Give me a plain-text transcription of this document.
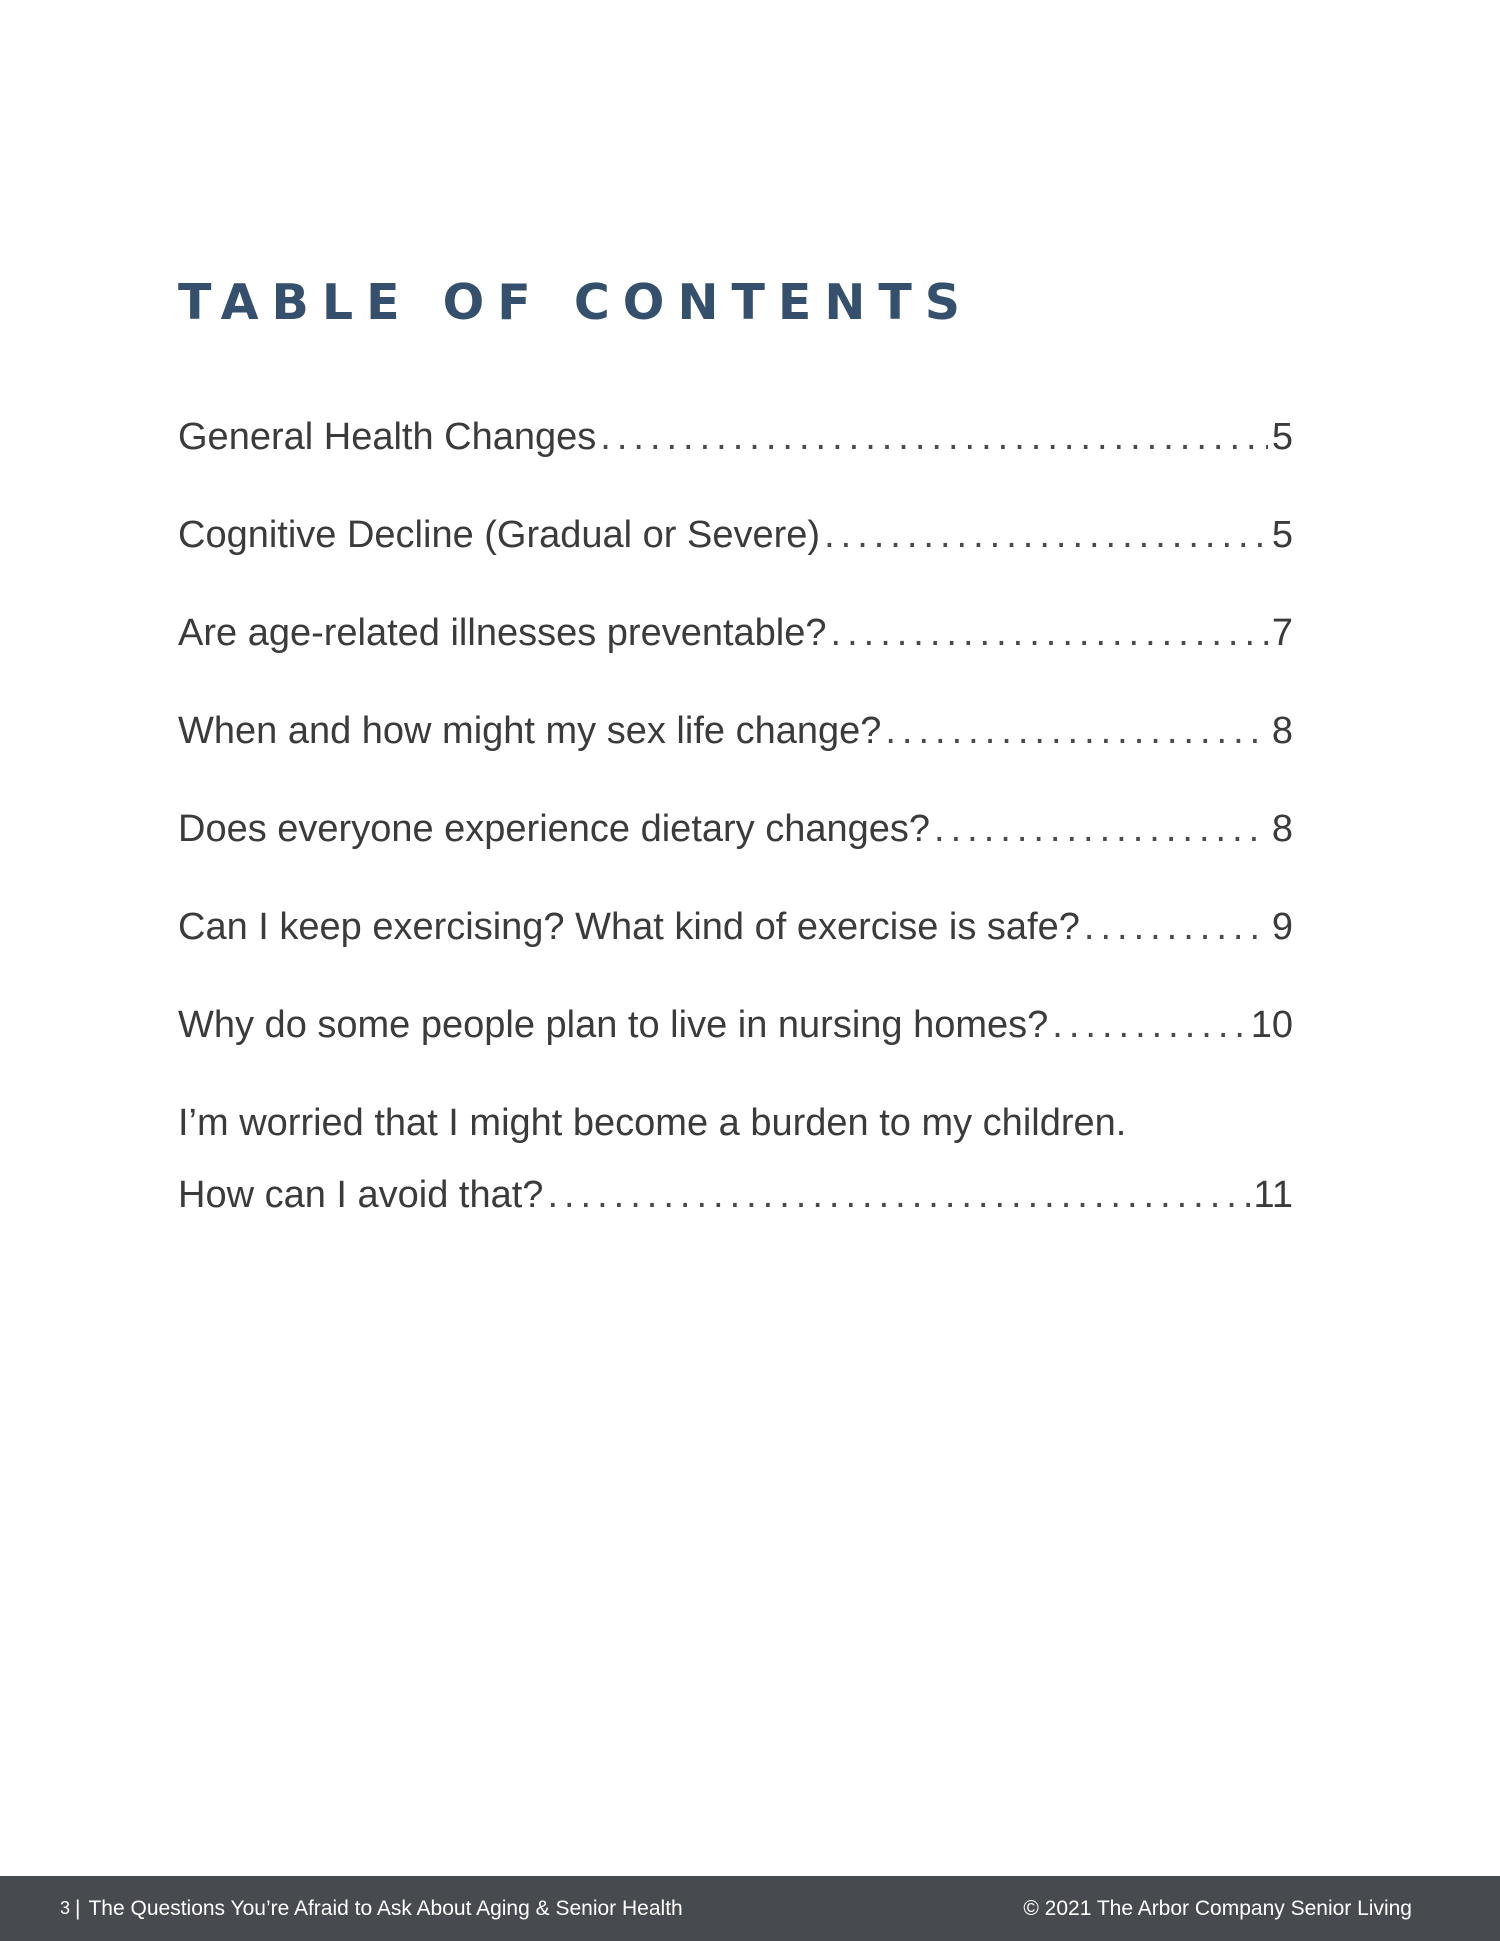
TABLE OF CONTENTS
General Health Changes .....	5
Cognitive Decline (Gradual or Severe) .....	5
Are age-related illnesses preventable? .....	7
When and how might my sex life change? .....	8
Does everyone experience dietary changes? .....	8
Can I keep exercising? What kind of exercise is safe? .....	9
Why do some people plan to live in nursing homes? .....	10
I’m worried that I might become a burden to my children.
How can I avoid that? .....	11
3 | The Questions You’re Afraid to Ask About Aging & Senior Health	© 2021 The Arbor Company Senior Living
